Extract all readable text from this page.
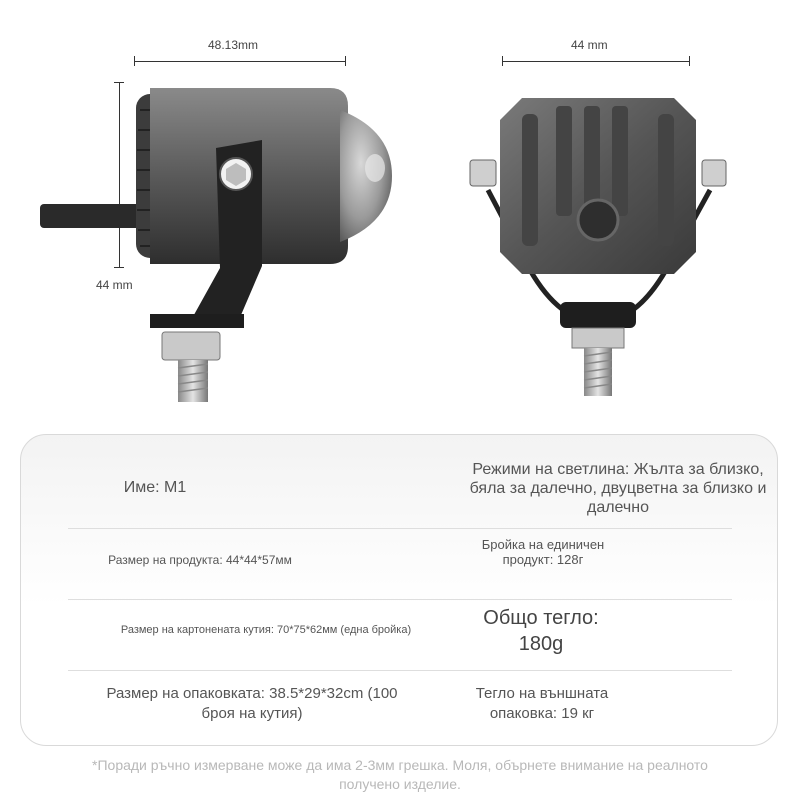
48.13mm
44 mm
44 mm
Име: M1
Режими на светлина: Жълта за близко, бяла за далечно, двуцветна за близко и далечно
Размер на продукта: 44*44*57мм
Бройка на единичен продукт: 128г
Размер на картонената кутия: 70*75*62мм (една бройка)
Общо тегло:
180g
Размер на опаковката: 38.5*29*32cm (100 броя на кутия)
Тегло на външната опаковка: 19 кг
*Поради ръчно измерване може да има 2-3мм грешка. Моля, обърнете внимание на реалното получено изделие.
